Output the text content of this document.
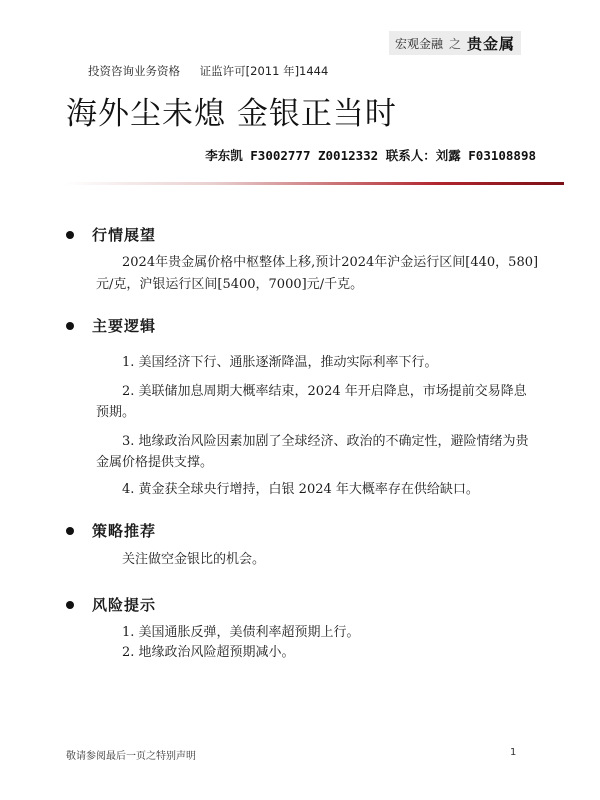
宏观金融 之 贵金属
投资咨询业务资格 证监许可[2011 年]1444
海外尘未熄 金银正当时
李东凯 F3002777 Z0012332 联系人：刘露 F03108898
行情展望
2024年贵金属价格中枢整体上移,预计2024年沪金运行区间[440，580]元/克，沪银运行区间[5400，7000]元/千克。
主要逻辑
1. 美国经济下行、通胀逐渐降温，推动实际利率下行。
2. 美联储加息周期大概率结束，2024 年开启降息，市场提前交易降息预期。
3. 地缘政治风险因素加剧了全球经济、政治的不确定性，避险情绪为贵金属价格提供支撑。
4. 黄金获全球央行增持，白银 2024 年大概率存在供给缺口。
策略推荐
关注做空金银比的机会。
风险提示
1. 美国通胀反弹，美债利率超预期上行。
2. 地缘政治风险超预期减小。
敬请参阅最后一页之特别声明	1
